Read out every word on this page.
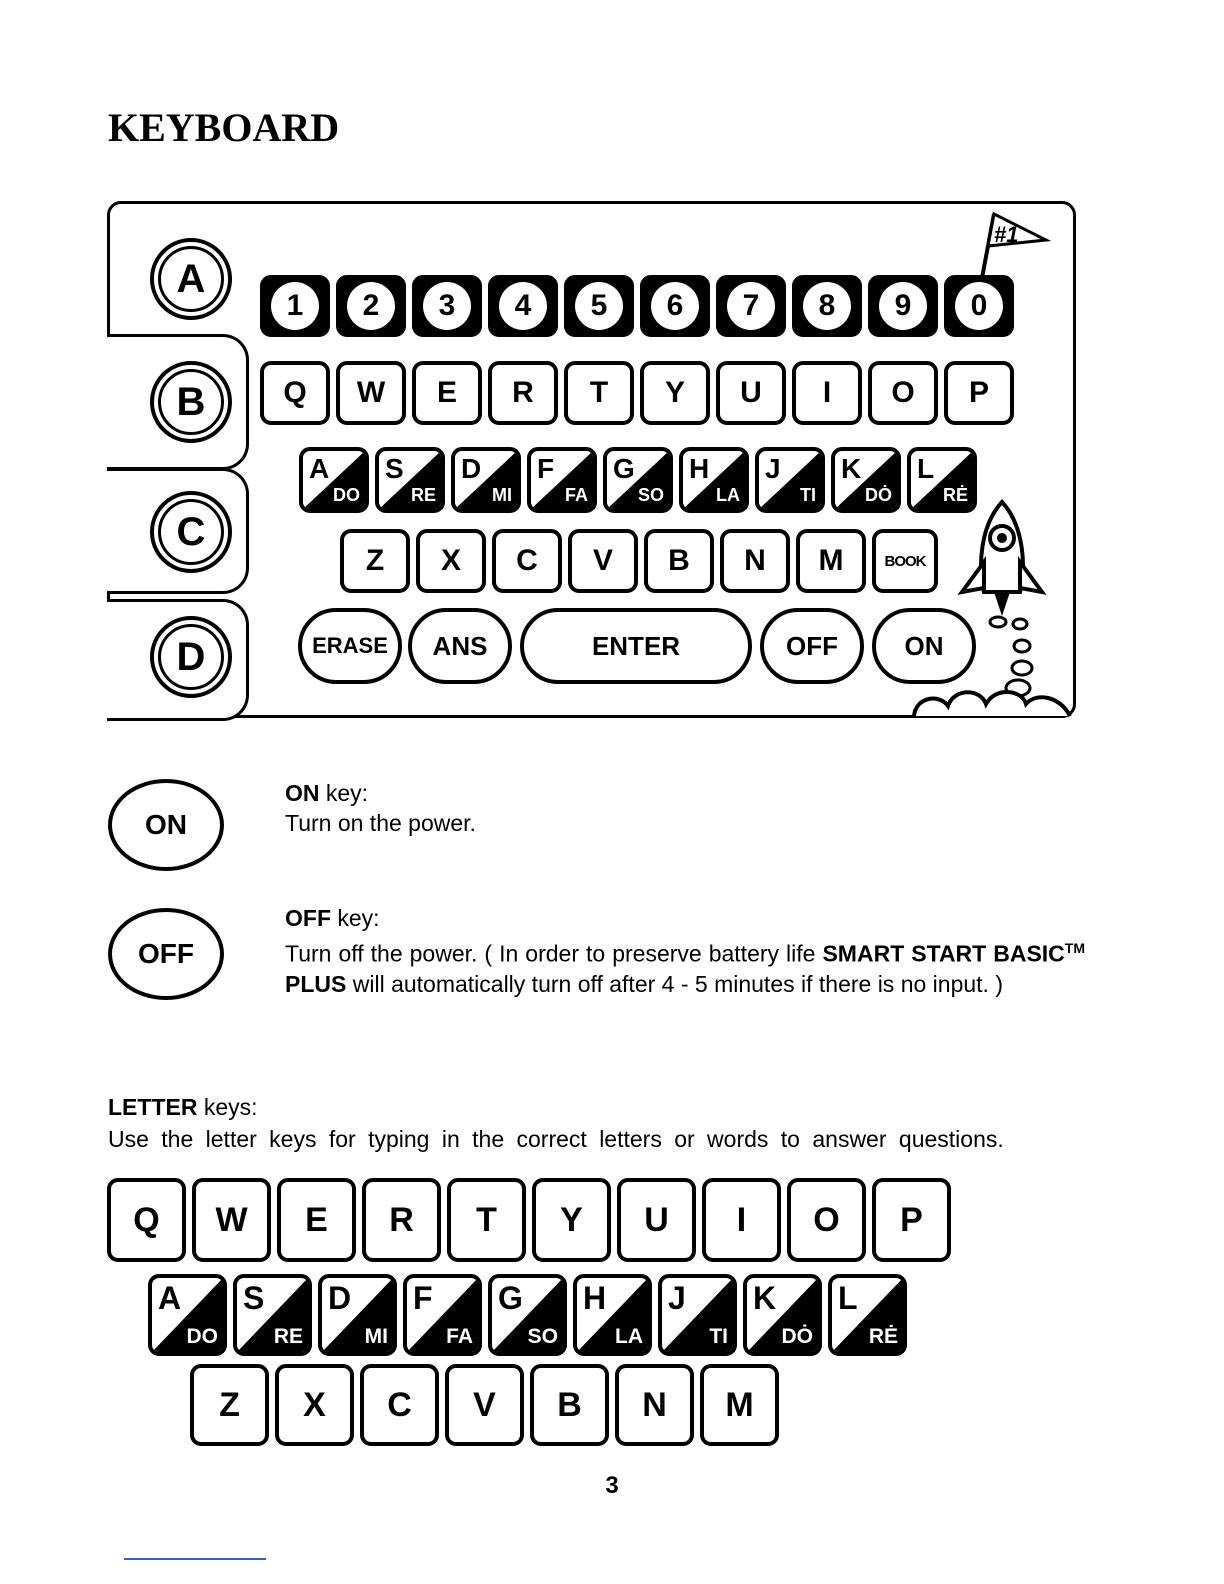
KEYBOARD
A
B
C
D
1	2	3	4	5	6	7	8	9	0
Q	W	E	R	T	Y	U	I	O	P
A
DO
S
RE
D
MI
F
FA
G
SO
H
LA
J
TI
K
DȮ
L
RĖ
Z	X	C	V	B	N	M	BOOK
ERASE	ANS	ENTER	OFF	ON
#1
ON

ON key:

Turn on the power.

OFF

OFF key:

Turn off the power. ( In order to preserve battery life SMART START BASIC™ PLUS will automatically turn off after 4 - 5 minutes if there is no input. )

LETTER keys:
Use the letter keys for typing in the correct letters or words to answer questions.
Q	W	E	R	T	Y	U	I	O	P
A
DO
S
RE
D
MI
F
FA
G
SO
H
LA
J
TI
K
DȮ
L
RĖ
Z	X	C	V	B	N	M
3
